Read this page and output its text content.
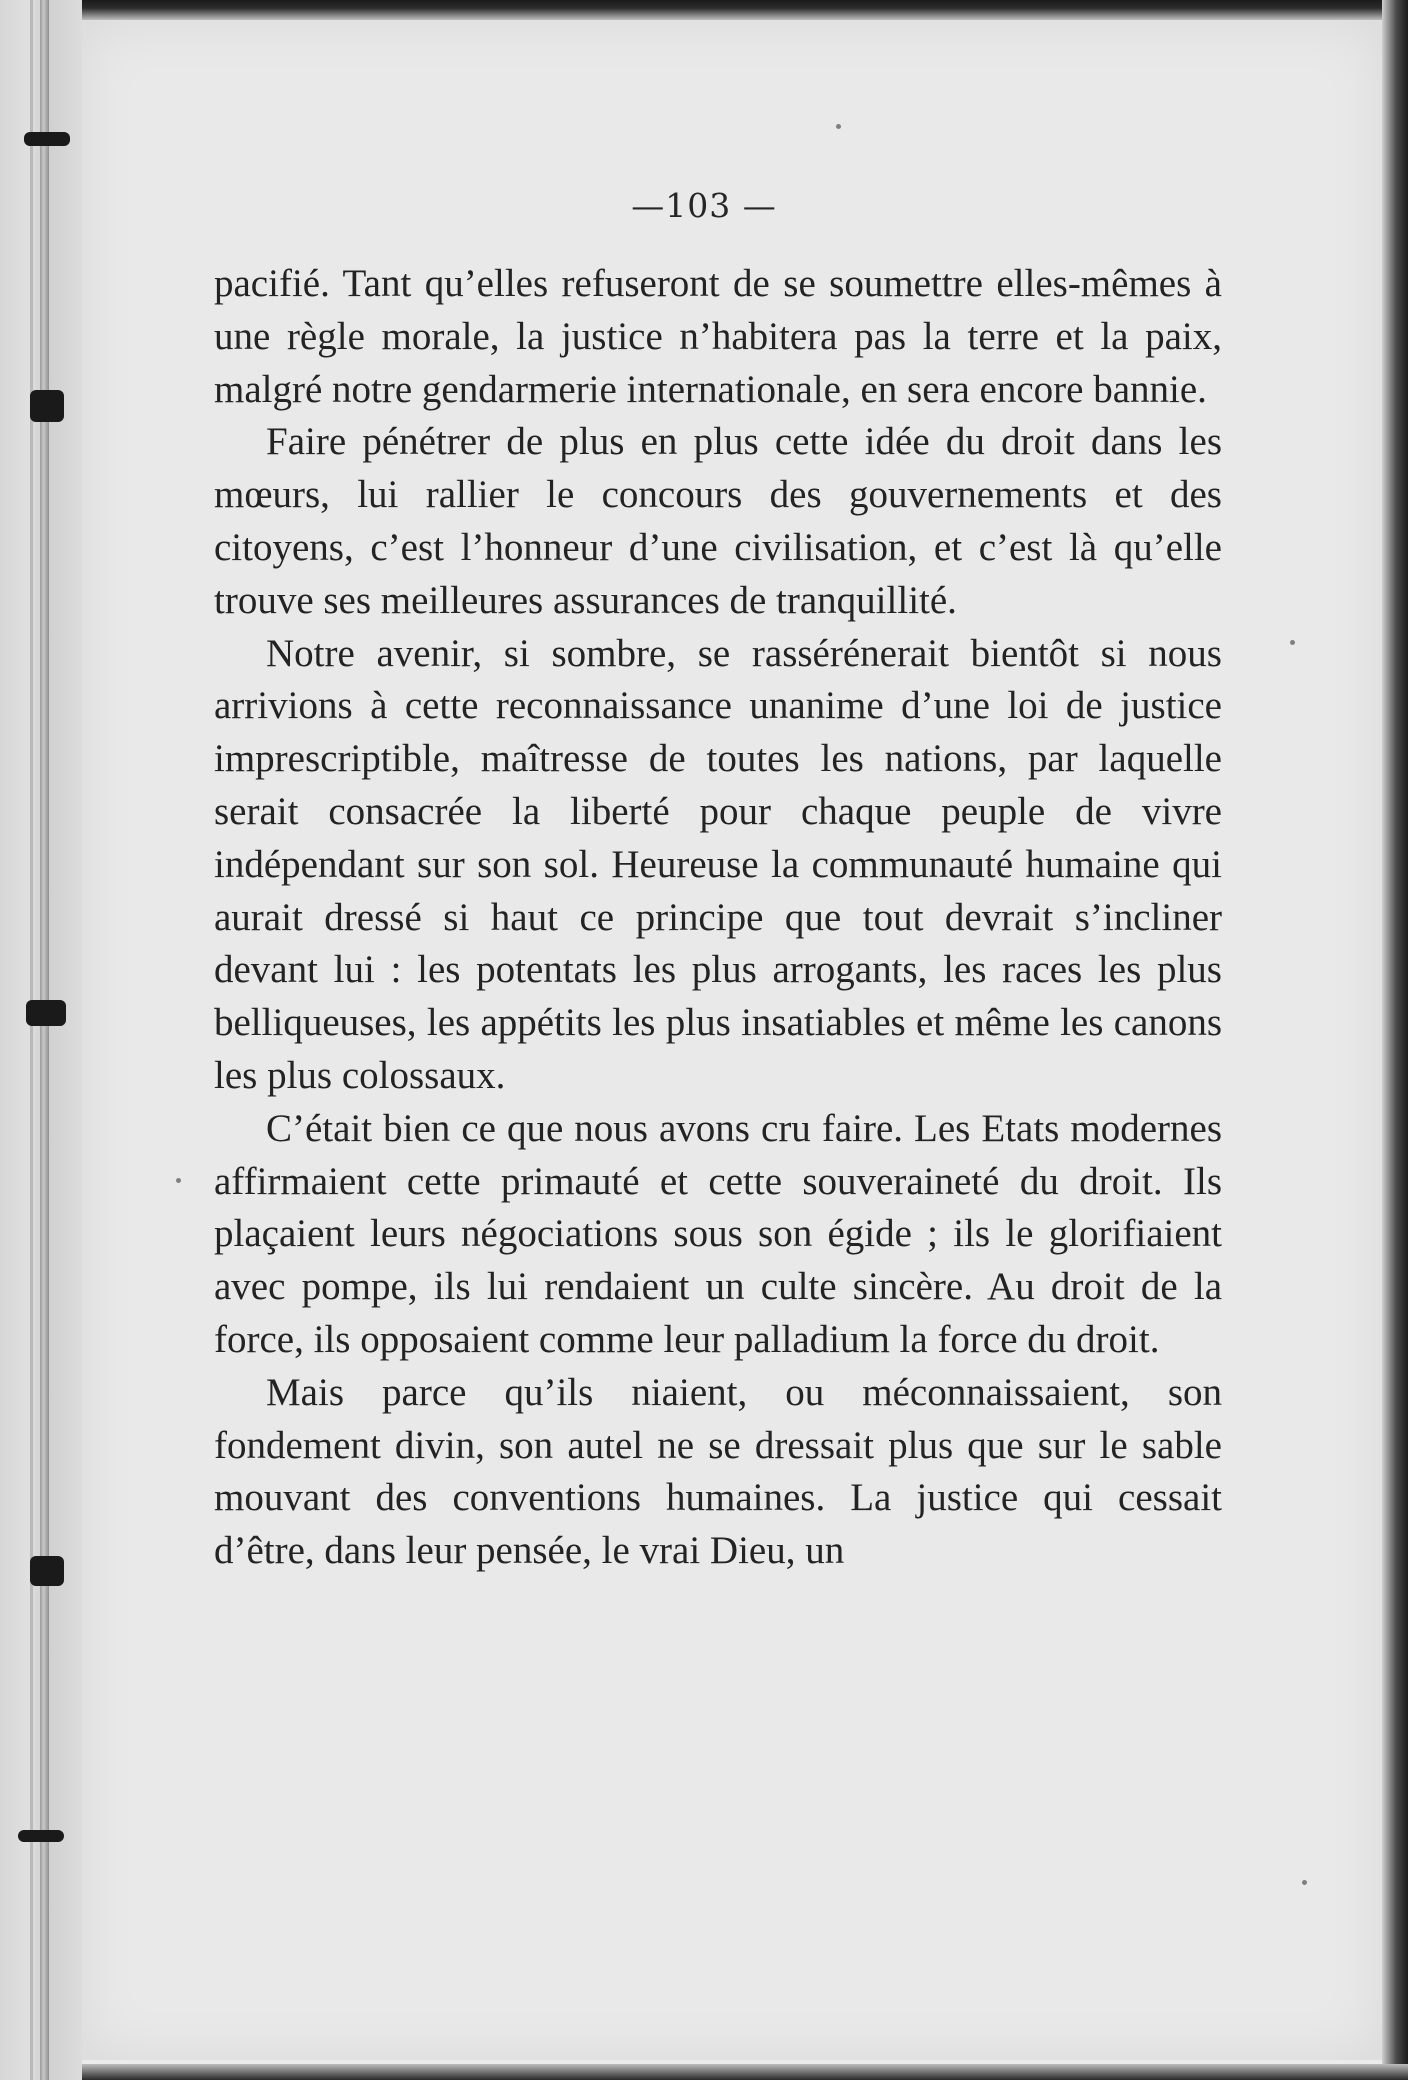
—103 —

pacifié. Tant qu’elles refuseront de se soumettre elles-mêmes à une règle morale, la justice n’habitera pas la terre et la paix, malgré notre gendarmerie internationale, en sera encore bannie.

Faire pénétrer de plus en plus cette idée du droit dans les mœurs, lui rallier le concours des gouvernements et des citoyens, c’est l’honneur d’une civilisation, et c’est là qu’elle trouve ses meilleures assurances de tranquillité.

Notre avenir, si sombre, se rassérénerait bientôt si nous arrivions à cette reconnaissance unanime d’une loi de justice imprescriptible, maîtresse de toutes les nations, par laquelle serait consacrée la liberté pour chaque peuple de vivre indépendant sur son sol. Heureuse la communauté humaine qui aurait dressé si haut ce principe que tout devrait s’incliner devant lui : les potentats les plus arrogants, les races les plus belliqueuses, les appétits les plus insatiables et même les canons les plus colossaux.

C’était bien ce que nous avons cru faire. Les Etats modernes affirmaient cette primauté et cette souveraineté du droit. Ils plaçaient leurs négociations sous son égide ; ils le glorifiaient avec pompe, ils lui rendaient un culte sincère. Au droit de la force, ils opposaient comme leur palladium la force du droit.

Mais parce qu’ils niaient, ou méconnaissaient, son fondement divin, son autel ne se dressait plus que sur le sable mouvant des conventions humaines. La justice qui cessait d’être, dans leur pensée, le vrai Dieu, un
